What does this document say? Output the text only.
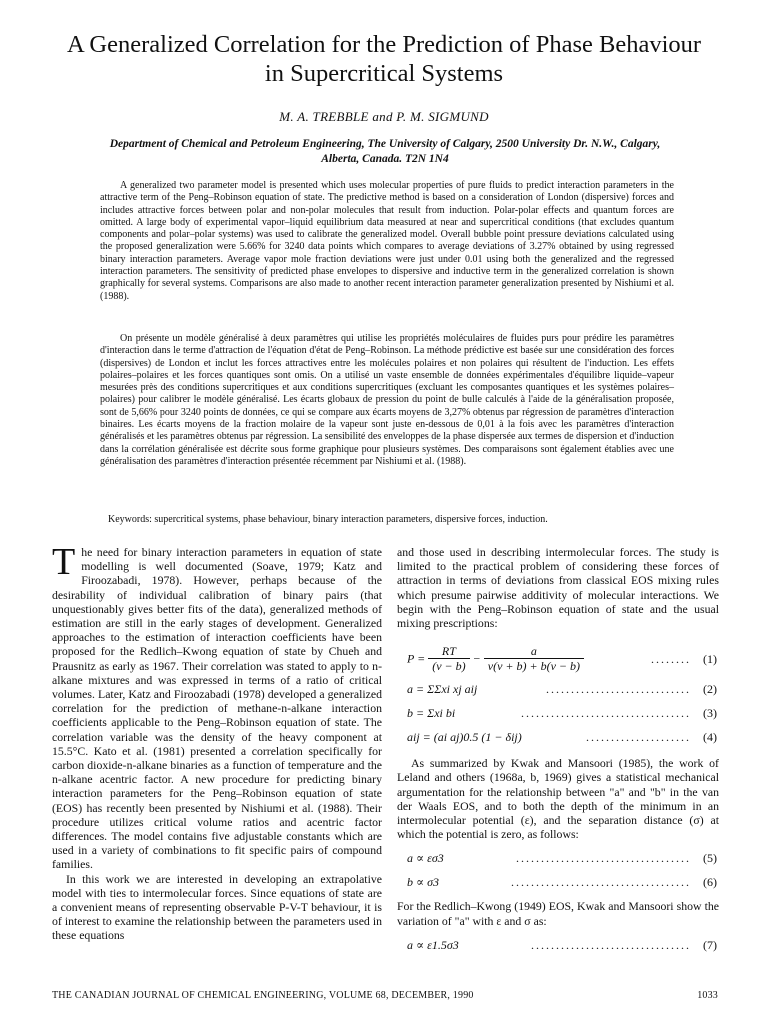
A Generalized Correlation for the Prediction of Phase Behaviour
in Supercritical Systems
M. A. TREBBLE and P. M. SIGMUND
Department of Chemical and Petroleum Engineering, The University of Calgary, 2500 University Dr. N.W., Calgary,
Alberta, Canada. T2N 1N4

A generalized two parameter model is presented which uses molecular properties of pure fluids to predict interaction parameters in the attractive term of the Peng–Robinson equation of state. The predictive method is based on a consideration of London (dispersive) forces and includes attractive forces between polar and non-polar molecules that result from induction. Polar-polar effects and quantum forces are omitted. A large body of experimental vapor–liquid equilibrium data measured at near and supercritical conditions (that excludes quantum components and polar–polar systems) was used to calibrate the generalized model. Overall bubble point pressure deviations calculated using the proposed generalization were 5.66% for 3240 data points which compares to average deviations of 3.27% obtained by using regressed binary interaction parameters. Average vapor mole fraction deviations were just under 0.01 using both the generalized and the regressed interaction parameters. The sensitivity of predicted phase envelopes to dispersive and inductive term in the generalized correlation is shown graphically for several systems. Comparisons are also made to another recent interaction parameter generalization presented by Nishiumi et al. (1988).

On présente un modèle généralisé à deux paramètres qui utilise les propriétés moléculaires de fluides purs pour prédire les paramètres d'interaction dans le terme d'attraction de l'équation d'état de Peng–Robinson. La méthode prédictive est basée sur une considération des forces (dispersives) de London et inclut les forces attractives entre les molécules polaires et non polaires qui résultent de l'induction. Les effets polaires–polaires et les forces quantiques sont omis. On a utilisé un vaste ensemble de données expérimentales d'équilibre liquide–vapeur mesurées près des conditions supercritiques et aux conditions supercritiques (excluant les composantes quantiques et les systèmes polaires–polaires) pour calibrer le modèle généralisé. Les écarts globaux de pression du point de bulle calculés à l'aide de la généralisation proposée, sont de 5,66% pour 3240 points de données, ce qui se compare aux écarts moyens de 3,27% obtenus par régression de paramètres d'interaction binaires. Les écarts moyens de la fraction molaire de la vapeur sont juste en-dessous de 0,01 à la fois avec les paramètres d'interaction généralisés et les paramètres obtenus par régression. La sensibilité des enveloppes de la phase dispersée aux termes de dispersion et d'induction dans la corrélation généralisée est décrite sous forme graphique pour plusieurs systèmes. Des comparaisons sont également établies avec une généralisation des paramètres d'interaction présentée récemment par Nishiumi et al. (1988).

Keywords: supercritical systems, phase behaviour, binary interaction parameters, dispersive forces, induction.

The need for binary interaction parameters in equation of state modelling is well documented (Soave, 1979; Katz and Firoozabadi, 1978). However, perhaps because of the desirability of individual calibration of binary pairs (that unquestionably gives better fits of the data), generalized methods of estimation are still in the early stages of development. Generalized approaches to the estimation of interaction coefficients have been proposed for the Redlich–Kwong equation of state by Chueh and Prausnitz as early as 1967. Their correlation was stated to apply to n-alkane mixtures and was expressed in terms of a ratio of critical volumes. Later, Katz and Firoozabadi (1978) developed a generalized correlation for the prediction of methane-n-alkane interaction coefficients applicable to the Peng–Robinson equation of state. The correlation variable was the density of the heavy component at 15.5°C. Kato et al. (1981) presented a correlation specifically for carbon dioxide-n-alkane binaries as a function of temperature and the n-alkane acentric factor. A new procedure for predicting binary interaction parameters for the Peng–Robinson equation of state (EOS) has recently been presented by Nishiumi et al. (1988). Their procedure utilizes critical volume ratios and acentric factor differences. The model contains five adjustable constants which are used in a variety of combinations to fit specific pairs of compound families.

In this work we are interested in developing an extrapolative model with ties to intermolecular forces. Since equations of state are a convenient means of representing observable P-V-T behaviour, it is of interest to examine the relationship between the parameters used in these equations

and those used in describing intermolecular forces. The study is limited to the practical problem of considering these forces of attraction in terms of deviations from classical EOS mixing rules which presume pairwise additivity of molecular interactions. We begin with the Peng–Robinson equation of state and the usual mixing prescriptions:

$P = \frac{RT}{(v - b)} - \frac{a}{v(v + b) + b(v - b)}$	........ (1)
a = ΣΣxi xj aij	............................. (2)
b = Σxi bi	.................................. (3)
aij = (ai aj)0.5 (1 − δij)	..................... (4)

As summarized by Kwak and Mansoori (1985), the work of Leland and others (1968a, b, 1969) gives a statistical mechanical argumentation for the relationship between "a" and "b" in the van der Waals EOS, and to both the depth of the minimum in an intermolecular potential (ε), and the separation distance (σ) at which the potential is zero, as follows:

a ∝ εσ3	................................... (5)
b ∝ σ3	.................................... (6)

For the Redlich–Kwong (1949) EOS, Kwak and Mansoori show the variation of "a" with ε and σ as:

a ∝ ε1.5σ3	................................ (7)
THE CANADIAN JOURNAL OF CHEMICAL ENGINEERING, VOLUME 68, DECEMBER, 1990	1033
